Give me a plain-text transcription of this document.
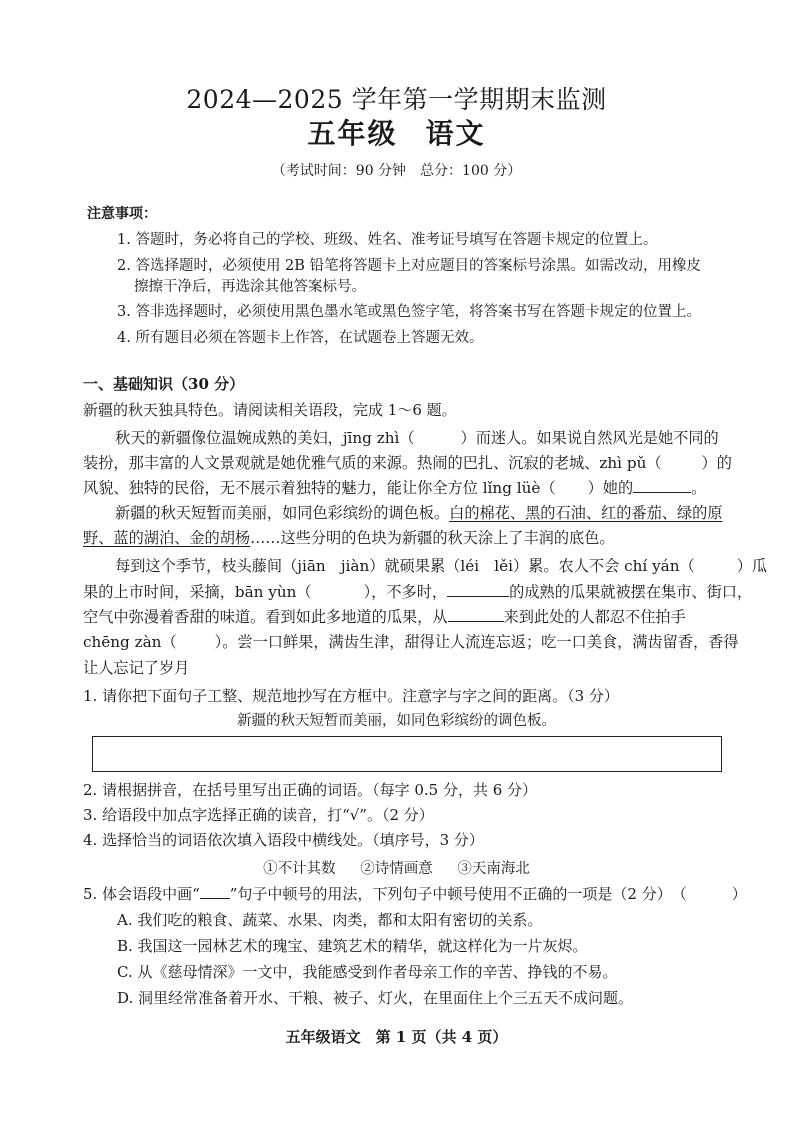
2024—2025 学年第一学期期末监测
五年级 语文
（考试时间：90 分钟　总分：100 分）
注意事项：
1. 答题时，务必将自己的学校、班级、姓名、准考证号填写在答题卡规定的位置上。
2. 答选择题时，必须使用 2B 铅笔将答题卡上对应题目的答案标号涂黑。如需改动，用橡皮
擦擦干净后，再选涂其他答案标号。
3. 答非选择题时，必须使用黑色墨水笔或黑色签字笔，将答案书写在答题卡规定的位置上。
4. 所有题目必须在答题卡上作答，在试题卷上答题无效。
一、基础知识（30 分）
新疆的秋天独具特色。请阅读相关语段，完成 1～6 题。
秋天的新疆像位温婉成熟的美妇，jīng zhì（	）而迷人。如果说自然风光是她不同的
装扮，那丰富的人文景观就是她优雅气质的来源。热闹的巴扎、沉寂的老城、zhì pǔ（	）的
风貌、独特的民俗，无不展示着独特的魅力，能让你全方位 lǐng lüè（ ）她的	。
新疆的秋天短暂而美丽，如同色彩缤纷的调色板。白的棉花、黑的石油、红的番茄、绿的原
野、蓝的湖泊、金的胡杨……这些分明的色块为新疆的秋天涂上了丰润的底色。
每到这个季节，枝头藤间（jiān　jiàn）就硕果累（léi　lěi）累。农人不会 chí yán（	）瓜
果的上市时间，采摘，bān yùn（	），不多时，	的成熟的瓜果就被摆在集市、街口，
空气中弥漫着香甜的味道。看到如此多地道的瓜果，从	来到此处的人都忍不住拍手
chēng zàn（	）。尝一口鲜果，满齿生津，甜得让人流连忘返；吃一口美食，满齿留香，香得
让人忘记了岁月
1. 请你把下面句子工整、规范地抄写在方框中。注意字与字之间的距离。（3 分）
新疆的秋天短暂而美丽，如同色彩缤纷的调色板。
2. 请根据拼音，在括号里写出正确的词语。（每字 0.5 分，共 6 分）
3. 给语段中加点字选择正确的读音，打“√”。（2 分）
4. 选择恰当的词语依次填入语段中横线处。（填序号，3 分）
①不计其数 ②诗情画意 ③天南海北
5. 体会语段中画“ ”句子中顿号的用法，下列句子中顿号使用不正确的一项是（2 分）　（　　　）
A. 我们吃的粮食、蔬菜、水果、肉类，都和太阳有密切的关系。
B. 我国这一园林艺术的瑰宝、建筑艺术的精华，就这样化为一片灰烬。
C. 从《慈母情深》一文中，我能感受到作者母亲工作的辛苦、挣钱的不易。
D. 洞里经常准备着开水、干粮、被子、灯火，在里面住上个三五天不成问题。
五年级语文　第 1 页（共 4 页）
